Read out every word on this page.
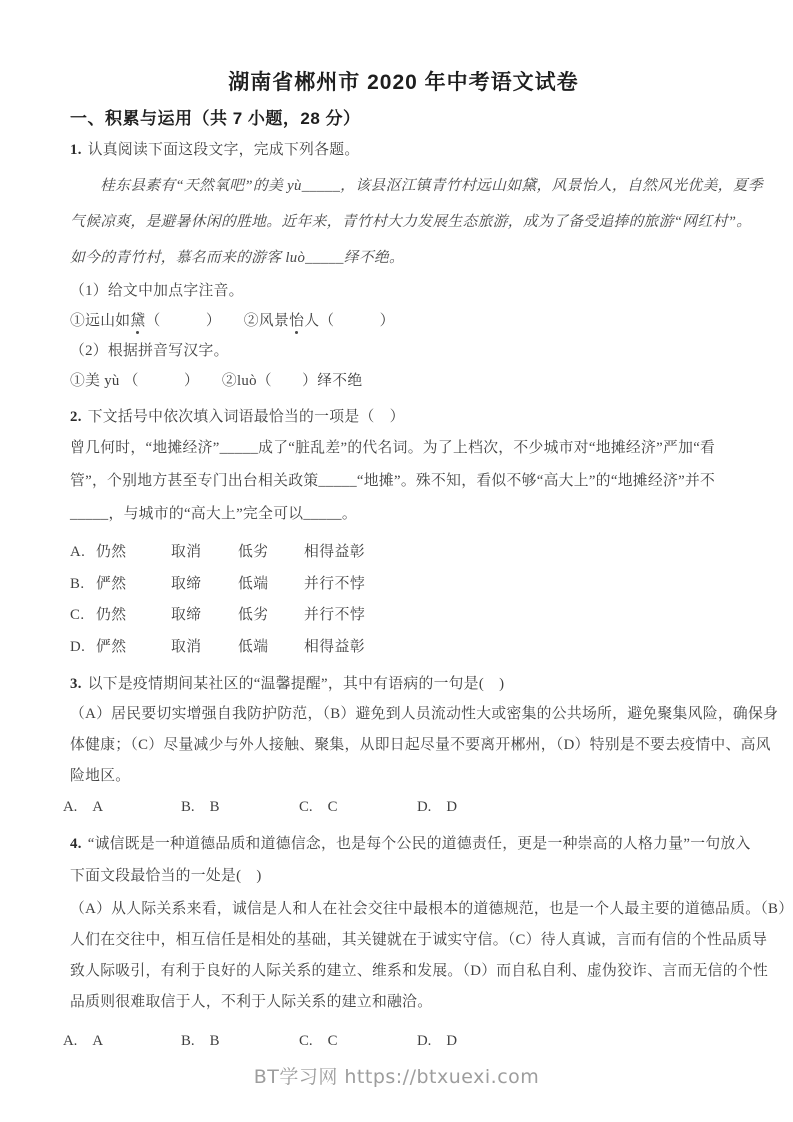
湖南省郴州市 2020 年中考语文试卷
一、积累与运用（共 7 小题，28 分）
1. 认真阅读下面这段文字，完成下列各题。
桂东县素有“天然氧吧”的美 yù_____，该县沤江镇青竹村远山如黛，风景怡人，自然风光优美，夏季
气候凉爽，是避暑休闲的胜地。近年来，青竹村大力发展生态旅游，成为了备受追捧的旅游“网红村”。
如今的青竹村，慕名而来的游客 luò_____绎不绝。
（1）给文中加点字注音。
①远山如黛（　　　）　　②风景怡人（　　　）
（2）根据拼音写汉字。
①美 yù （　　　）　　②luò（　　）绎不绝
2. 下文括号中依次填入词语最恰当的一项是（　）
曾几何时，“地摊经济”_____成了“脏乱差”的代名词。为了上档次，不少城市对“地摊经济”严加“看
管”，个别地方甚至专门出台相关政策_____“地摊”。殊不知，看似不够“高大上”的“地摊经济”并不
_____，与城市的“高大上”完全可以_____。
A. 仍然	取消	低劣	相得益彰
B. 俨然	取缔	低端	并行不悖
C. 仍然	取缔	低劣	并行不悖
D. 俨然	取消	低端	相得益彰
3. 以下是疫情期间某社区的“温馨提醒”，其中有语病的一句是(　)
（A）居民要切实增强自我防护防范，（B）避免到人员流动性大或密集的公共场所，避免聚集风险，确保身
体健康；（C）尽量减少与外人接触、聚集，从即日起尽量不要离开郴州，（D）特别是不要去疫情中、高风
险地区。
A. A	B. B	C. C	D. D
4. “诚信既是一种道德品质和道德信念，也是每个公民的道德责任，更是一种崇高的人格力量”一句放入
下面文段最恰当的一处是(　)
（A）从人际关系来看，诚信是人和人在社会交往中最根本的道德规范，也是一个人最主要的道德品质。（B）
人们在交往中，相互信任是相处的基础，其关键就在于诚实守信。（C）待人真诚，言而有信的个性品质导
致人际吸引，有利于良好的人际关系的建立、维系和发展。（D）而自私自利、虚伪狡诈、言而无信的个性
品质则很难取信于人，不利于人际关系的建立和融洽。
A. A	B. B	C. C	D. D
BT学习网 https://btxuexi.com
